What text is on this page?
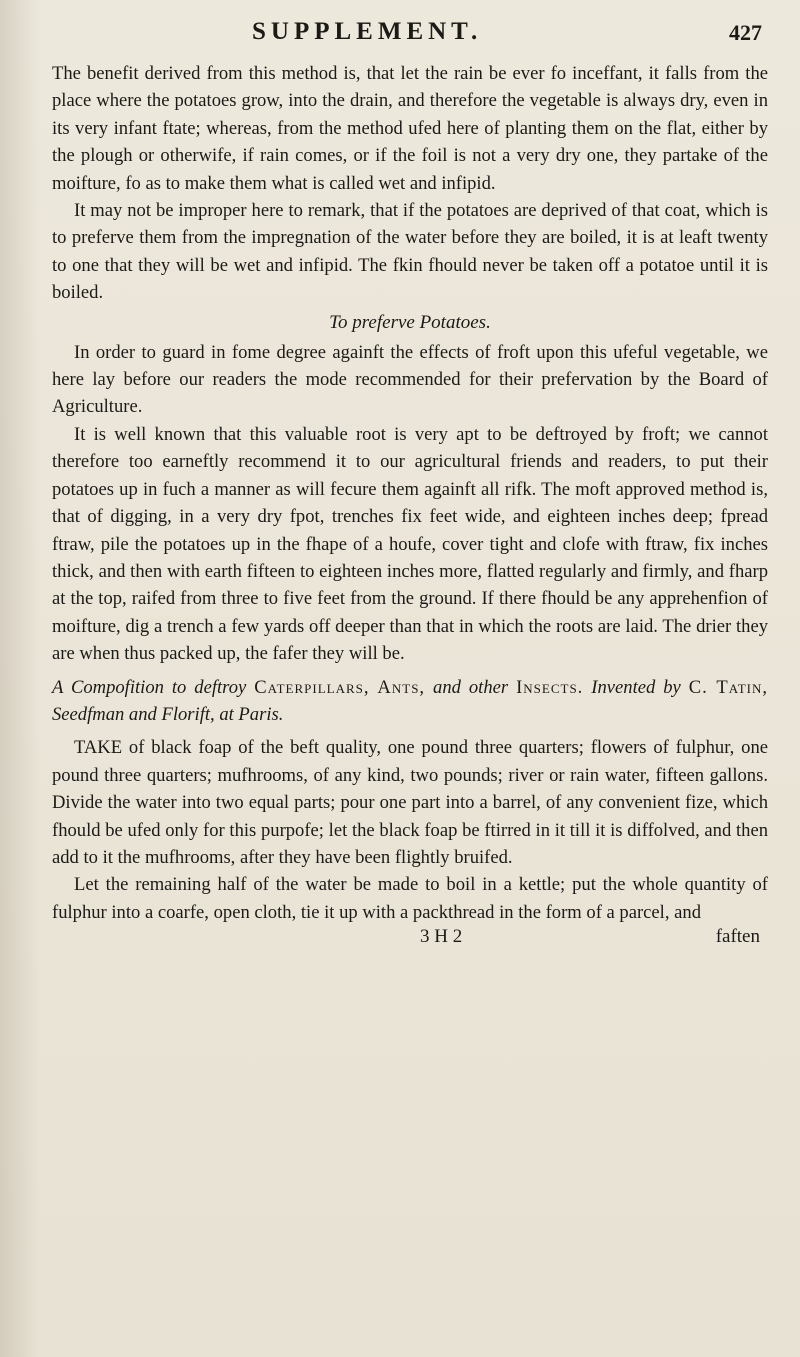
SUPPLEMENT.	427

The benefit derived from this method is, that let the rain be ever fo inceffant, it falls from the place where the potatoes grow, into the drain, and therefore the vegetable is always dry, even in its very infant ftate; whereas, from the method ufed here of planting them on the flat, either by the plough or otherwife, if rain comes, or if the foil is not a very dry one, they partake of the moifture, fo as to make them what is called wet and infipid.

It may not be improper here to remark, that if the potatoes are deprived of that coat, which is to preferve them from the impregnation of the water before they are boiled, it is at leaft twenty to one that they will be wet and infipid. The fkin fhould never be taken off a potatoe until it is boiled.

To preferve Potatoes.

In order to guard in fome degree againft the effects of froft upon this ufeful vegetable, we here lay before our readers the mode recommended for their prefervation by the Board of Agriculture.

It is well known that this valuable root is very apt to be deftroyed by froft; we cannot therefore too earneftly recommend it to our agricultural friends and readers, to put their potatoes up in fuch a manner as will fecure them againft all rifk. The moft approved method is, that of digging, in a very dry fpot, trenches fix feet wide, and eighteen inches deep; fpread ftraw, pile the potatoes up in the fhape of a houfe, cover tight and clofe with ftraw, fix inches thick, and then with earth fifteen to eighteen inches more, flatted regularly and firmly, and fharp at the top, raifed from three to five feet from the ground. If there fhould be any apprehenfion of moifture, dig a trench a few yards off deeper than that in which the roots are laid. The drier they are when thus packed up, the fafer they will be.

A Compofition to deftroy Caterpillars, Ants, and other Insects. Invented by C. Tatin, Seedfman and Florift, at Paris.

TAKE of black foap of the beft quality, one pound three quarters; flowers of fulphur, one pound three quarters; mufhrooms, of any kind, two pounds; river or rain water, fifteen gallons. Divide the water into two equal parts; pour one part into a barrel, of any convenient fize, which fhould be ufed only for this purpofe; let the black foap be ftirred in it till it is diffolved, and then add to it the mufhrooms, after they have been flightly bruifed.

Let the remaining half of the water be made to boil in a kettle; put the whole quantity of fulphur into a coarfe, open cloth, tie it up with a packthread in the form of a parcel, and

3 H 2	faften
